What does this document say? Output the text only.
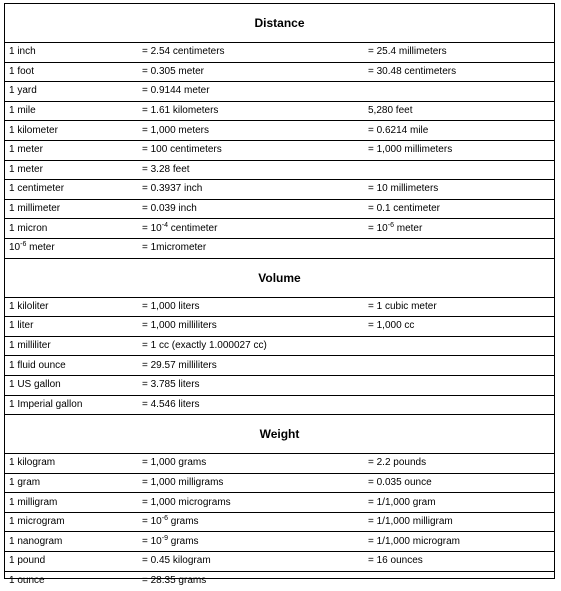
Distance
1 inch	= 2.54 centimeters	= 25.4 millimeters
1 foot	= 0.305 meter	= 30.48 centimeters
1 yard	= 0.9144 meter
1 mile	= 1.61 kilometers	5,280 feet
1 kilometer	= 1,000 meters	= 0.6214 mile
1 meter	= 100 centimeters	= 1,000 millimeters
1 meter	= 3.28 feet
1 centimeter	= 0.3937 inch	= 10 millimeters
1 millimeter	= 0.039 inch	= 0.1 centimeter
1 micron	= $10^{-4}$ centimeter	= $10^{-6}$ meter
$10^{-6}$ meter	= 1micrometer
Volume
1 kiloliter	= 1,000 liters	= 1 cubic meter
1 liter	= 1,000 milliliters	= 1,000 cc
1 milliliter	= 1 cc (exactly 1.000027 cc)
1 fluid ounce	= 29.57 milliliters
1 US gallon	= 3.785 liters
1 Imperial gallon	= 4.546 liters
Weight
1 kilogram	= 1,000 grams	= 2.2 pounds
1 gram	= 1,000 milligrams	= 0.035 ounce
1 milligram	= 1,000 micrograms	= 1/1,000 gram
1 microgram	= $10^{-6}$ grams	= 1/1,000 milligram
1 nanogram	= $10^{-9}$ grams	= 1/1,000 microgram
1 pound	= 0.45 kilogram	= 16 ounces
1 ounce	= 28.35 grams
